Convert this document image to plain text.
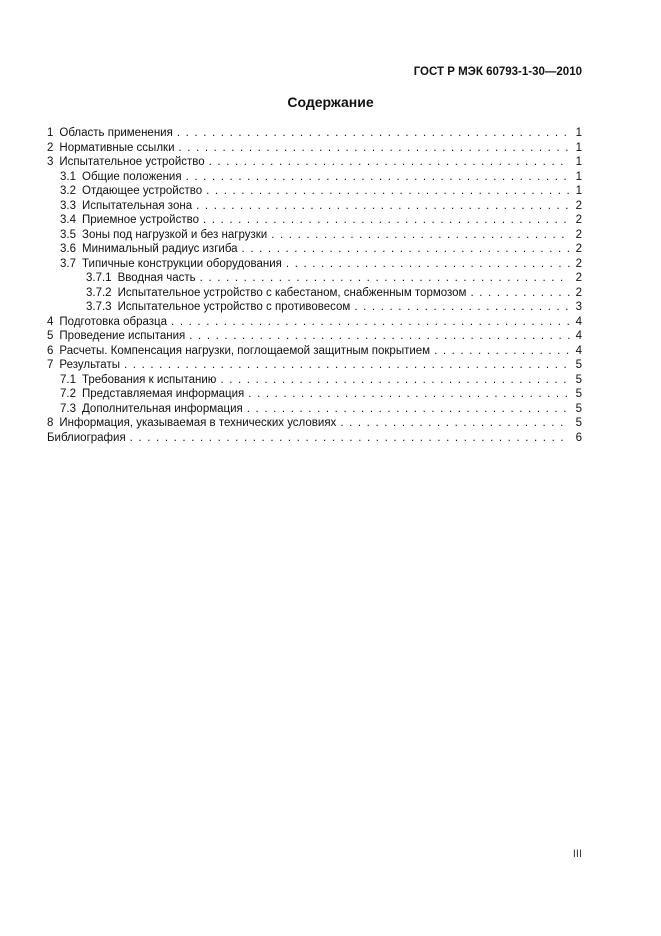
ГОСТ Р МЭК 60793-1-30—2010
Содержание
1 Область применения . . .	1
2 Нормативные ссылки . . .	1
3 Испытательное устройство . . .	1
3.1 Общие положения . . .	1
3.2 Отдающее устройство . . .	1
3.3 Испытательная зона . . .	2
3.4 Приемное устройство . . .	2
3.5 Зоны под нагрузкой и без нагрузки . . .	2
3.6 Минимальный радиус изгиба . . .	2
3.7 Типичные конструкции оборудования . . .	2
3.7.1 Вводная часть . . .	2
3.7.2 Испытательное устройство с кабестаном, снабженным тормозом . . .	2
3.7.3 Испытательное устройство с противовесом . . .	3
4 Подготовка образца . . .	4
5 Проведение испытания . . .	4
6 Расчеты. Компенсация нагрузки, поглощаемой защитным покрытием . . .	4
7 Результаты . . .	5
7.1 Требования к испытанию . . .	5
7.2 Представляемая информация . . .	5
7.3 Дополнительная информация . . .	5
8 Информация, указываемая в технических условиях . . .	5
Библиография . . .	6
III
